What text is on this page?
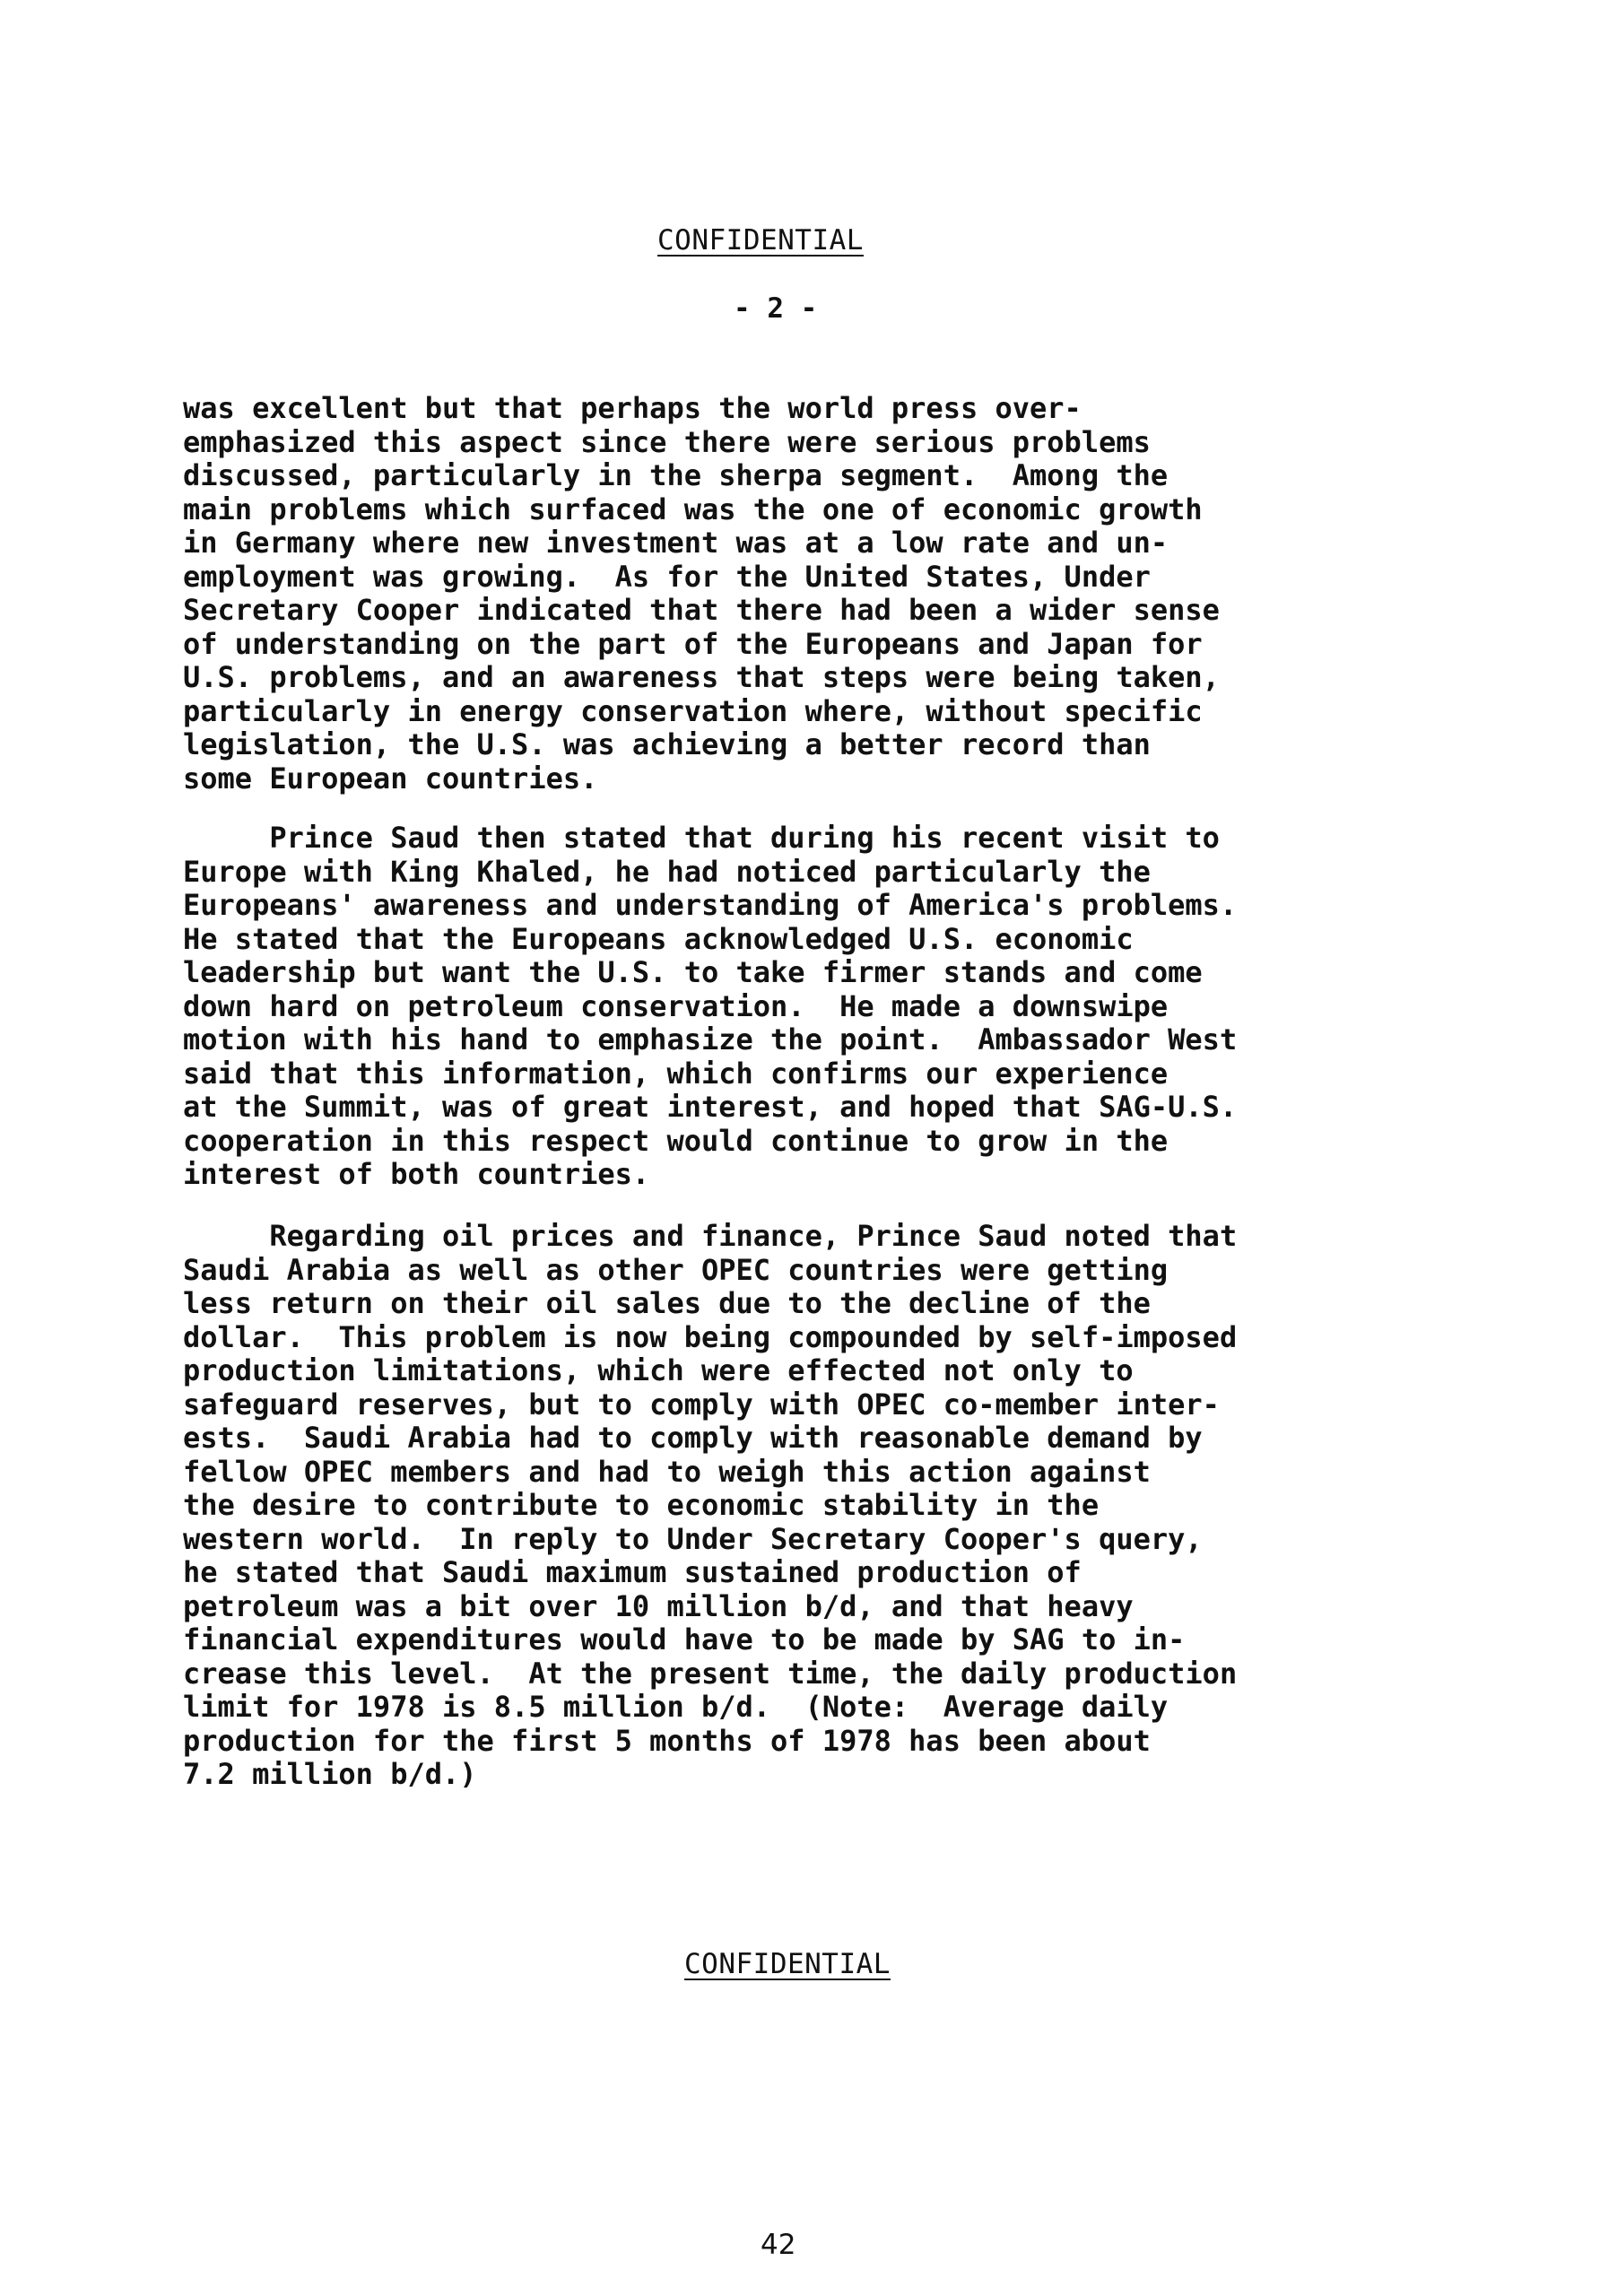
CONFIDENTIAL
- 2 -
was excellent but that perhaps the world press over-
emphasized this aspect since there were serious problems
discussed, particularly in the sherpa segment.  Among the
main problems which surfaced was the one of economic growth
in Germany where new investment was at a low rate and un-
employment was growing.  As for the United States, Under
Secretary Cooper indicated that there had been a wider sense
of understanding on the part of the Europeans and Japan for
U.S. problems, and an awareness that steps were being taken,
particularly in energy conservation where, without specific
legislation, the U.S. was achieving a better record than
some European countries.
Prince Saud then stated that during his recent visit to
Europe with King Khaled, he had noticed particularly the
Europeans' awareness and understanding of America's problems.
He stated that the Europeans acknowledged U.S. economic
leadership but want the U.S. to take firmer stands and come
down hard on petroleum conservation.  He made a downswipe
motion with his hand to emphasize the point.  Ambassador West
said that this information, which confirms our experience
at the Summit, was of great interest, and hoped that SAG-U.S.
cooperation in this respect would continue to grow in the
interest of both countries.
Regarding oil prices and finance, Prince Saud noted that
Saudi Arabia as well as other OPEC countries were getting
less return on their oil sales due to the decline of the
dollar.  This problem is now being compounded by self-imposed
production limitations, which were effected not only to
safeguard reserves, but to comply with OPEC co-member inter-
ests.  Saudi Arabia had to comply with reasonable demand by
fellow OPEC members and had to weigh this action against
the desire to contribute to economic stability in the
western world.  In reply to Under Secretary Cooper's query,
he stated that Saudi maximum sustained production of
petroleum was a bit over 10 million b/d, and that heavy
financial expenditures would have to be made by SAG to in-
crease this level.  At the present time, the daily production
limit for 1978 is 8.5 million b/d.  (Note:  Average daily
production for the first 5 months of 1978 has been about
7.2 million b/d.)
CONFIDENTIAL
42
